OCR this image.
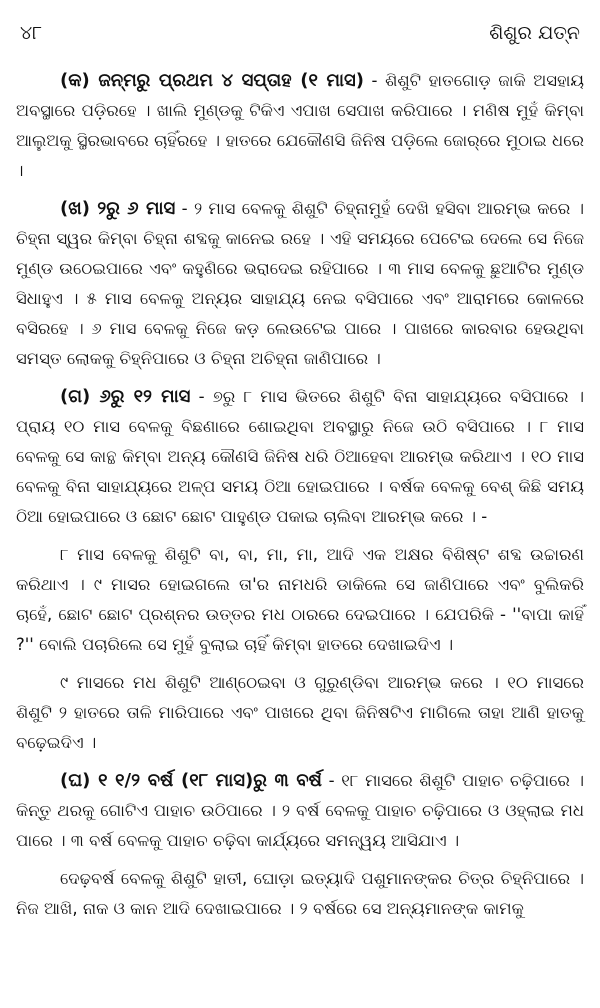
୪୮	ଶିଶୁର ଯତ୍ନ

(କ) ଜନ୍ମରୁ ପ୍ରଥମ ୪ ସପ୍ତାହ (୧ ମାସ) - ଶିଶୁଟି ହାତଗୋଡ଼ ଜାକି ଅସହାୟ ଅବସ୍ଥାରେ ପଡ଼ିରହେ । ଖାଲି ମୁଣ୍ଡକୁ ଟିକିଏ ଏପାଖ ସେପାଖ କରିପାରେ । ମଣିଷ ମୁହଁ କିମ୍ବା ଆଲୁଅକୁ ସ୍ଥିରଭାବରେ ଚାହିଁରହେ । ହାତରେ ଯେକୌଣସି ଜିନିଷ ପଡ଼ିଲେ ଜୋର୍‌ରେ ମୁଠାଇ ଧରେ ।

(ଖ) ୨ରୁ ୬ ମାସ - ୨ ମାସ ବେଳକୁ ଶିଶୁଟି ଚିହ୍ନାମୁହଁ ଦେଖି ହସିବା ଆରମ୍ଭ କରେ । ଚିହ୍ନା ସ୍ୱର କିମ୍ବା ଚିହ୍ନା ଶବ୍ଦକୁ କାନେଇ ରହେ । ଏହି ସମୟରେ ପେଟେଇ ଦେଲେ ସେ ନିଜେ ମୁଣ୍ଡ ଉଠେଇପାରେ ଏବଂ କହୁଣିରେ ଭରାଦେଇ ରହିପାରେ । ୩ ମାସ ବେଳକୁ ଛୁଆଟିର ମୁଣ୍ଡ ସିଧାହୁଏ । ୫ ମାସ ବେଳକୁ ଅନ୍ୟର ସାହାଯ୍ୟ ନେଇ ବସିପାରେ ଏବଂ ଆରାମରେ କୋଳରେ ବସିରହେ । ୬ ମାସ ବେଳକୁ ନିଜେ କଡ଼ ଲେଉଟେଇ ପାରେ । ପାଖରେ କାରବାର ହେଉଥିବା ସମସ୍ତ ଲୋକକୁ ଚିହ୍ନିପାରେ ଓ ଚିହ୍ନା ଅଚିହ୍ନା ଜାଣିପାରେ ।

(ଗ) ୬ରୁ ୧୨ ମାସ - ୭ରୁ ୮ ମାସ ଭିତରେ ଶିଶୁଟି ବିନା ସାହାଯ୍ୟରେ ବସିପାରେ । ପ୍ରାୟ ୧୦ ମାସ ବେଳକୁ ବିଛଣାରେ ଶୋଇଥିବା ଅବସ୍ଥାରୁ ନିଜେ ଉଠି ବସିପାରେ । ୮ ମାସ ବେଳକୁ ସେ କାନ୍ଥ କିମ୍ବା ଅନ୍ୟ କୌଣସି ଜିନିଷ ଧରି ଠିଆହେବା ଆରମ୍ଭ କରିଥାଏ । ୧୦ ମାସ ବେଳକୁ ବିନା ସାହାଯ୍ୟରେ ଅଳ୍ପ ସମୟ ଠିଆ ହୋଇପାରେ । ବର୍ଷକ ବେଳକୁ ବେଶ୍ କିଛି ସମୟ ଠିଆ ହୋଇପାରେ ଓ ଛୋଟ ଛୋଟ ପାହୁଣ୍ଡ ପକାଇ ଚାଲିବା ଆରମ୍ଭ କରେ । -

୮ ମାସ ବେଳକୁ ଶିଶୁଟି ବା, ବା, ମା, ମା, ଆଦି ଏକ ଅକ୍ଷର ବିଶିଷ୍ଟ ଶବ୍ଦ ଉଚ୍ଚାରଣ କରିଥାଏ । ୯ ମାସର ହୋଇଗଲେ ତା'ର ନାମଧରି ଡାକିଲେ ସେ ଜାଣିପାରେ ଏବଂ ବୁଲିକରି ଚାହେଁ, ଛୋଟ ଛୋଟ ପ୍ରଶ୍ନର ଉତ୍ତର ମଧ ଠାରରେ ଦେଇପାରେ । ଯେପରିକି - ''ବାପା କାହିଁ ?'' ବୋଲି ପଚାରିଲେ ସେ ମୁହଁ ବୁଲାଇ ଚାହିଁ କିମ୍ବା ହାତରେ ଦେଖାଇଦିଏ ।

୯ ମାସରେ ମଧ ଶିଶୁଟି ଆଣ୍ଠେଇବା ଓ ଗୁରୁଣ୍ଡିବା ଆରମ୍ଭ କରେ । ୧୦ ମାସରେ ଶିଶୁଟି ୨ ହାତରେ ତାଳି ମାରିପାରେ ଏବଂ ପାଖରେ ଥିବା ଜିନିଷଟିଏ ମାଗିଲେ ତାହା ଆଣି ହାତକୁ ବଢ଼େଇଦିଏ ।

(ଘ) ୧ ୧/୨ ବର୍ଷ (୧୮ ମାସ)ରୁ ୩ ବର୍ଷ - ୧୮ ମାସରେ ଶିଶୁଟି ପାହାଚ ଚଢ଼ିପାରେ । କିନ୍ତୁ ଥରକୁ ଗୋଟିଏ ପାହାଚ ଉଠିପାରେ । ୨ ବର୍ଷ ବେଳକୁ ପାହାଚ ଚଢ଼ିପାରେ ଓ ଓହ୍ଲାଇ ମଧ ପାରେ । ୩ ବର୍ଷ ବେଳକୁ ପାହାଚ ଚଢ଼ିବା କାର୍ଯ୍ୟରେ ସମନ୍ୱୟ ଆସିଯାଏ ।

ଦେଢ଼ବର୍ଷ ବେଳକୁ ଶିଶୁଟି ହାତୀ, ଘୋଡ଼ା ଇତ୍ୟାଦି ପଶୁମାନଙ୍କର ଚିତ୍ର ଚିହ୍ନିପାରେ । ନିଜ ଆଖି, ନାକ ଓ କାନ ଆଦି ଦେଖାଇପାରେ । ୨ ବର୍ଷରେ ସେ ଅନ୍ୟମାନଙ୍କ କାମକୁ
